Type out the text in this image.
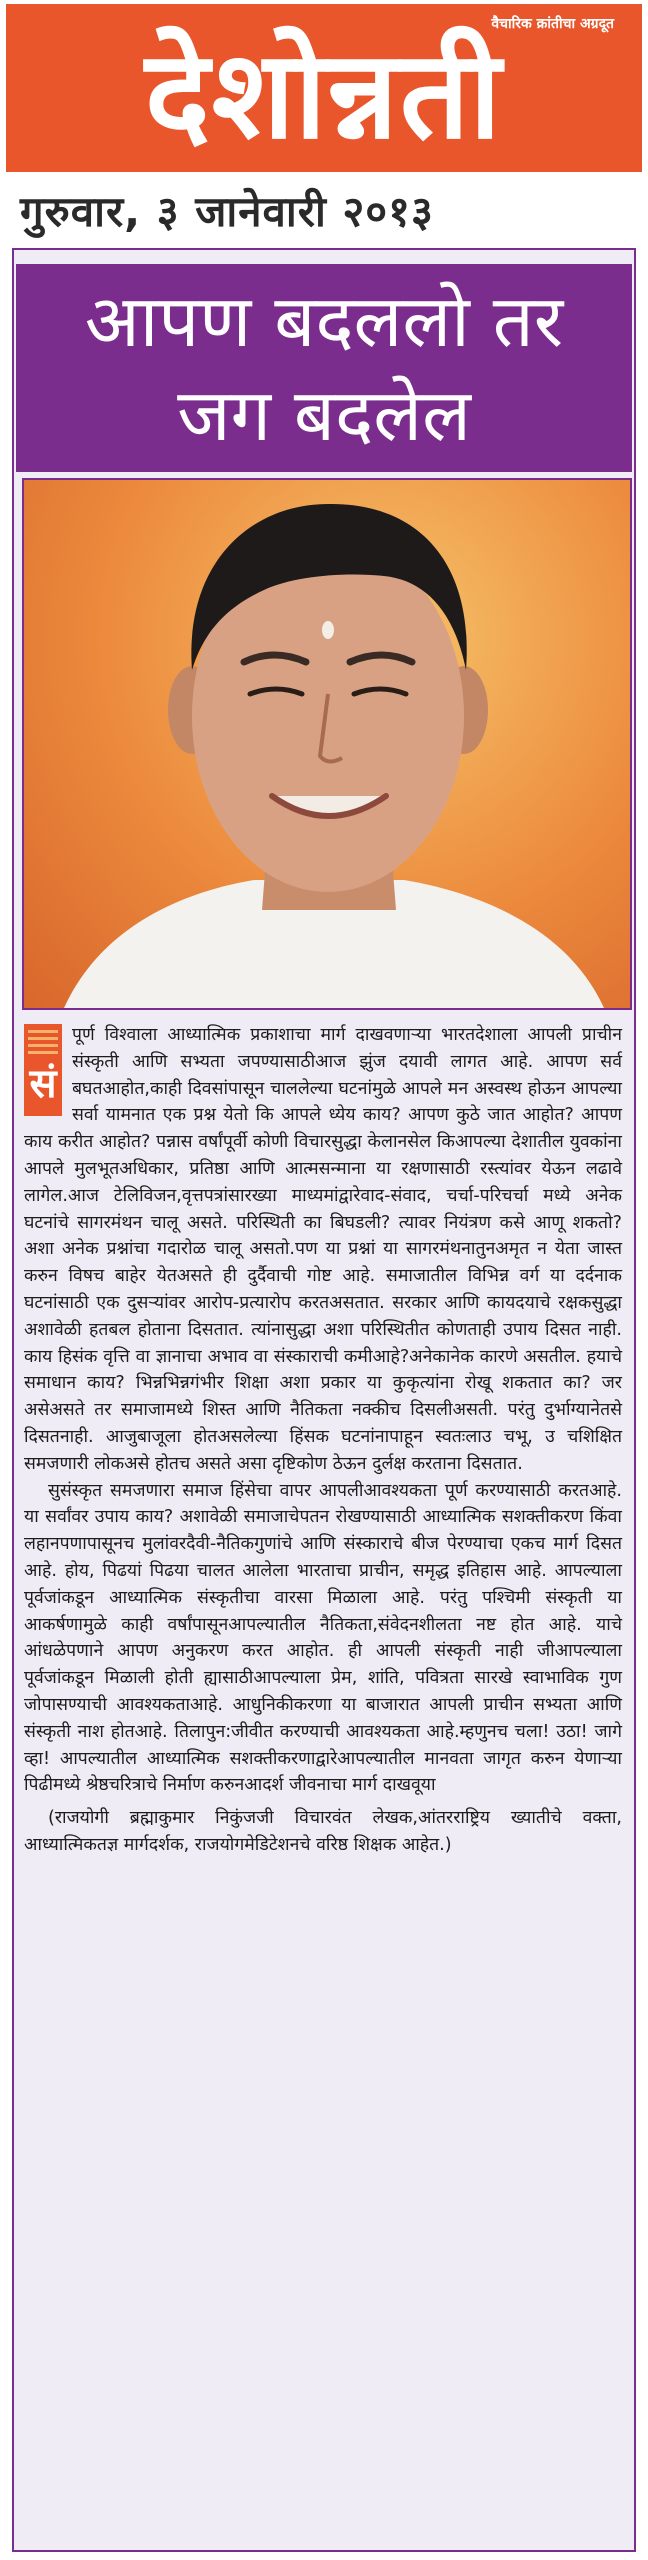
वैचारिक क्रांतीचा अग्रदूत
देशोन्नती
गुरुवार, ३ जानेवारी २०१३
आपण बदललो तर
जग बदलेल

सं
पूर्ण विश्वाला आध्यात्मिक प्रकाशाचा मार्ग दाखवणाऱ्या भारतदेशाला आपली प्राचीन संस्कृती आणि सभ्यता जपण्यासाठीआज झुंज दयावी लागत आहे. आपण सर्व बघतआहोत,काही दिवसांपासून चाललेल्या घटनांमुळे आपले मन अस्वस्थ होऊन आपल्या सर्वा यामनात एक प्रश्न येतो कि आपले ध्येय काय? आपण कुठे जात आहोत? आपण काय करीत आहोत? पन्नास वर्षांपूर्वी कोणी विचारसुद्धा केलानसेल किआपल्या देशातील युवकांना आपले मुलभूतअधिकार, प्रतिष्ठा आणि आत्मसन्माना या रक्षणासाठी रस्त्यांवर येऊन लढावे लागेल.आज टेलिविजन,वृत्तपत्रांसारख्या माध्यमांद्वारेवाद-संवाद, चर्चा-परिचर्चा मध्ये अनेक घटनांचे सागरमंथन चालू असते. परिस्थिती का बिघडली? त्यावर नियंत्रण कसे आणू शकतो? अशा अनेक प्रश्नांचा गदारोळ चालू असतो.पण या प्रश्नां या सागरमंथनातुनअमृत न येता जास्त करुन विषच बाहेर येतअसते ही दुर्दैवाची गोष्ट आहे. समाजातील विभिन्न वर्ग या दर्दनाक घटनांसाठी एक दुसऱ्यांवर आरोप-प्रत्यारोप करतअसतात. सरकार आणि कायदयाचे रक्षकसुद्धा अशावेळी हतबल होताना दिसतात. त्यांनासुद्धा अशा परिस्थितीत कोणताही उपाय दिसत नाही. काय हिसंक वृत्ति वा ज्ञानाचा अभाव वा संस्काराची कमीआहे?अनेकानेक कारणे असतील. हयाचे समाधान काय? भिन्नभिन्नगंभीर शिक्षा अशा प्रकार या कुकृत्यांना रोखू शकतात का? जर असेअसते तर समाजामध्ये शिस्त आणि नैतिकता नक्कीच दिसलीअसती. परंतु दुर्भाग्यानेतसे दिसतनाही. आजुबाजूला होतअसलेल्या हिंसक घटनांनापाहून स्वतःलाउ चभू, उ चशिक्षित समजणारी लोकअसे होतच असते असा दृष्टिकोण ठेऊन दुर्लक्ष करताना दिसतात.

सुसंस्कृत समजणारा समाज हिंसेचा वापर आपलीआवश्यकता पूर्ण करण्यासाठी करतआहे. या सर्वांवर उपाय काय? अशावेळी समाजाचेपतन रोखण्यासाठी आध्यात्मिक सशक्तीकरण किंवा लहानपणापासूनच मुलांवरदैवी-नैतिकगुणांचे आणि संस्काराचे बीज पेरण्याचा एकच मार्ग दिसत आहे. होय, पिढयां पिढया चालत आलेला भारताचा प्राचीन, समृद्ध इतिहास आहे. आपल्याला पूर्वजांकडून आध्यात्मिक संस्कृतीचा वारसा मिळाला आहे. परंतु पश्चिमी संस्कृती या आकर्षणामुळे काही वर्षांपासूनआपल्यातील नैतिकता,संवेदनशीलता नष्ट होत आहे. याचे आंधळेपणाने आपण अनुकरण करत आहोत. ही आपली संस्कृती नाही जीआपल्याला पूर्वजांकडून मिळाली होती ह्यासाठीआपल्याला प्रेम, शांति, पवित्रता सारखे स्वाभाविक गुण जोपासण्याची आवश्यकताआहे. आधुनिकीकरणा या बाजारात आपली प्राचीन सभ्यता आणि संस्कृती नाश होतआहे. तिलापुन:जीवीत करण्याची आवश्यकता आहे.म्हणुनच चला! उठा! जागे व्हा! आपल्यातील आध्यात्मिक सशक्तीकरणाद्वारेआपल्यातील मानवता जागृत करुन येणाऱ्या पिढीमध्ये श्रेष्ठचरित्राचे निर्माण करुनआदर्श जीवनाचा मार्ग दाखवूया

(राजयोगी ब्रह्माकुमार निकुंजजी विचारवंत लेखक,आंतरराष्ट्रिय ख्यातीचे वक्ता, आध्यात्मिकतज्ञ मार्गदर्शक, राजयोगमेडिटेशनचे वरिष्ठ शिक्षक आहेत.)
